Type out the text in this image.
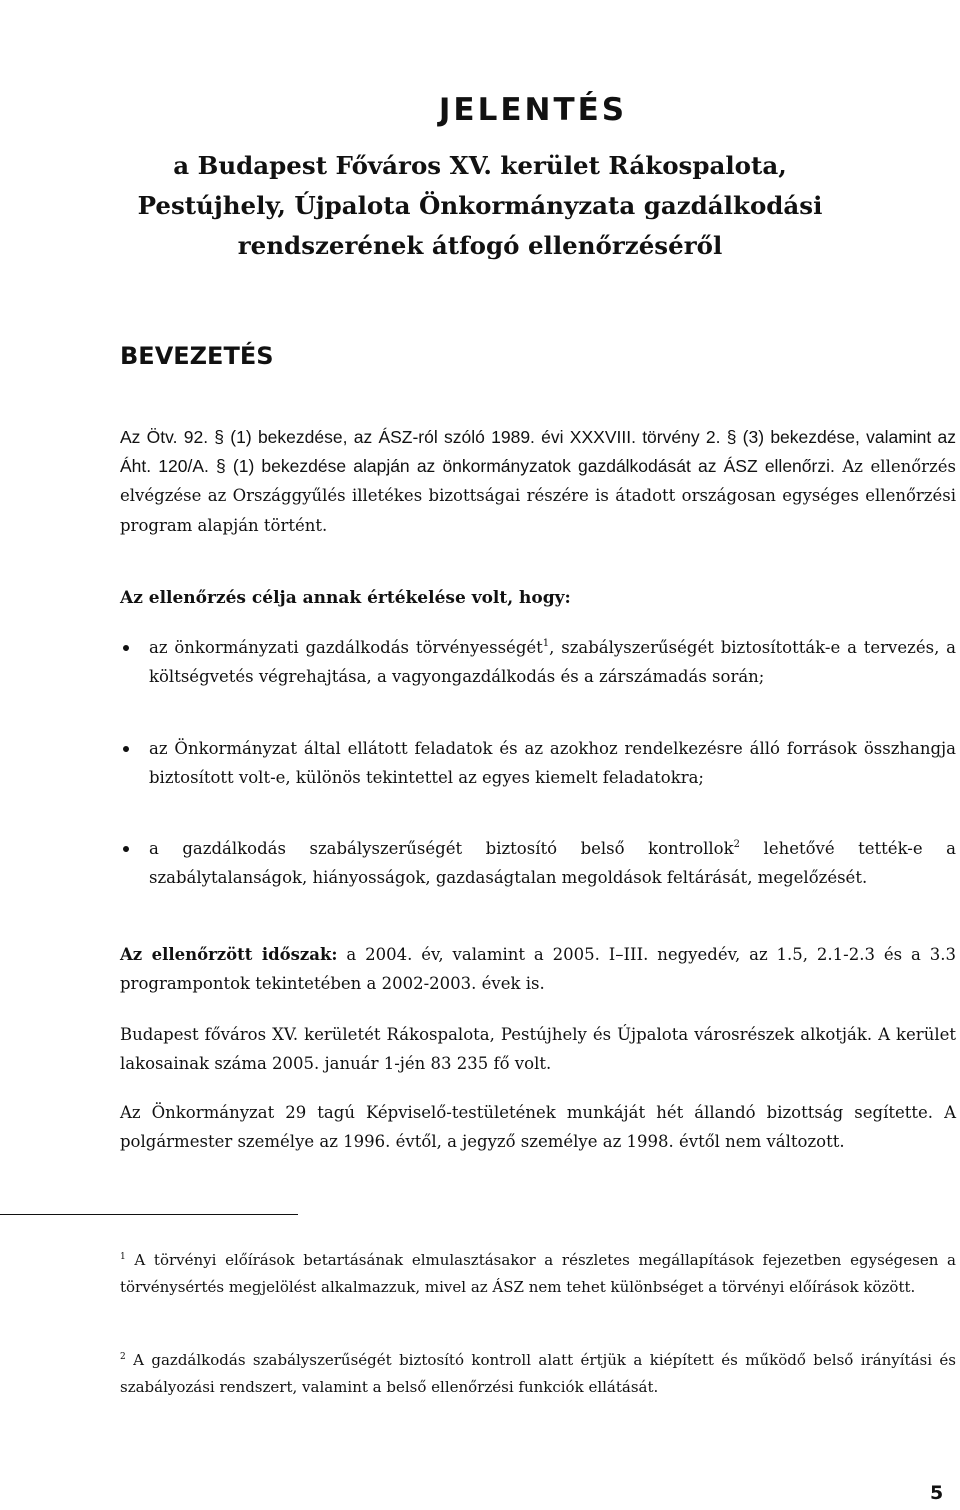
JELENTÉS
a Budapest Főváros XV. kerület Rákospalota,
Pestújhely, Újpalota Önkormányzata gazdálkodási
rendszerének átfogó ellenőrzéséről
BEVEZETÉS

Az Ötv. 92. § (1) bekezdése, az ÁSZ-ról szóló 1989. évi XXXVIII. törvény 2. § (3) bekezdése, valamint az Áht. 120/A. § (1) bekezdése alapján az önkormányzatok gazdálkodását az ÁSZ ellenőrzi. Az ellenőrzés elvégzése az Országgyűlés illetékes bizottságai részére is átadott országosan egységes ellenőrzési program alapján történt.

Az ellenőrzés célja annak értékelése volt, hogy:

az önkormányzati gazdálkodás törvényességét$^1$, szabályszerűségét biztosították-e a tervezés, a költségvetés végrehajtása, a vagyongazdálkodás és a zárszámadás során;
az Önkormányzat által ellátott feladatok és az azokhoz rendelkezésre álló források összhangja biztosított volt-e, különös tekintettel az egyes kiemelt feladatokra;
a gazdálkodás szabályszerűségét biztosító belső kontrollok$^2$ lehetővé tették-e a szabálytalanságok, hiányosságok, gazdaságtalan megoldások feltárását, megelőzését.

Az ellenőrzött időszak: a 2004. év, valamint a 2005. I–III. negyedév, az 1.5, 2.1-2.3 és a 3.3 programpontok tekintetében a 2002-2003. évek is.

Budapest főváros XV. kerületét Rákospalota, Pestújhely és Újpalota városrészek alkotják. A kerület lakosainak száma 2005. január 1-jén 83 235 fő volt.

Az Önkormányzat 29 tagú Képviselő-testületének munkáját hét állandó bizottság segítette. A polgármester személye az 1996. évtől, a jegyző személye az 1998. évtől nem változott.

$^1$ A törvényi előírások betartásának elmulasztásakor a részletes megállapítások fejezetben egységesen a törvénysértés megjelölést alkalmazzuk, mivel az ÁSZ nem tehet különbséget a törvényi előírások között.

$^2$ A gazdálkodás szabályszerűségét biztosító kontroll alatt értjük a kiépített és működő belső irányítási és szabályozási rendszert, valamint a belső ellenőrzési funkciók ellátását.

5
